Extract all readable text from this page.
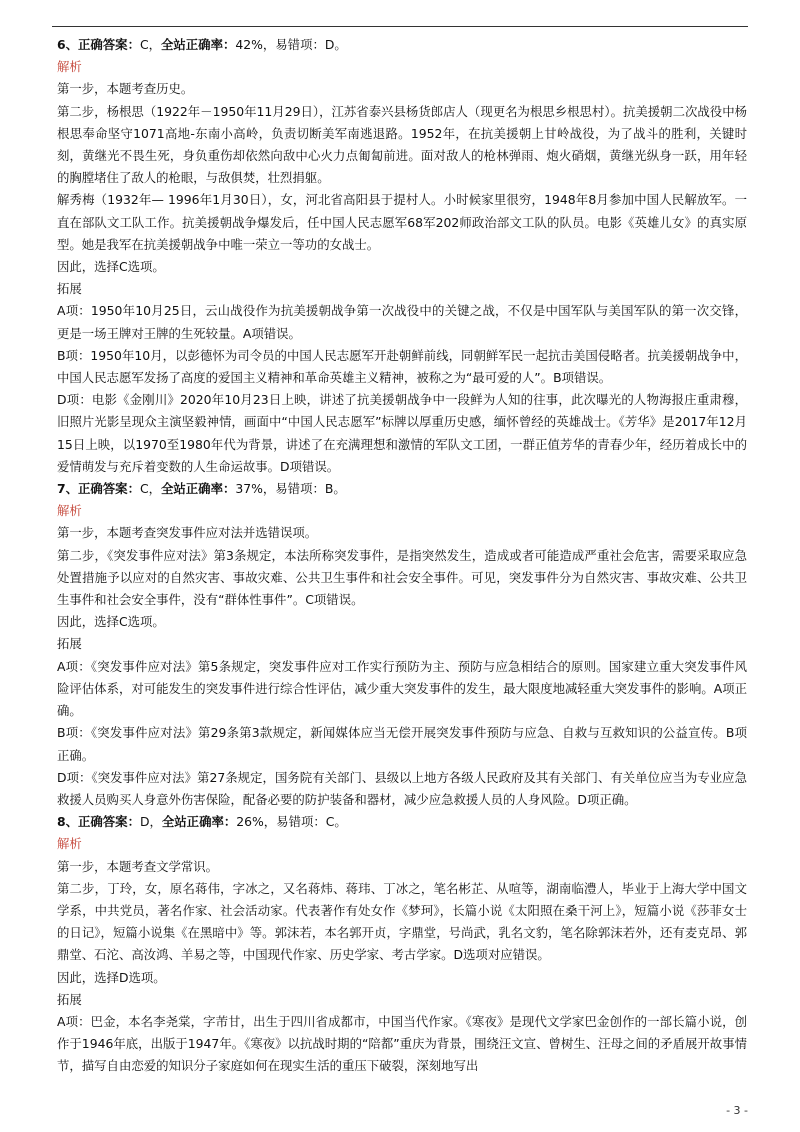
6、正确答案：C，全站正确率：42%，易错项：D。

解析

第一步，本题考查历史。

第二步，杨根思（1922年－1950年11月29日），江苏省泰兴县杨货郎店人（现更名为根思乡根思村）。抗美援朝二次战役中杨根思奉命坚守1071高地-东南小高岭，负责切断美军南逃退路。1952年，在抗美援朝上甘岭战役，为了战斗的胜利，关键时刻，黄继光不畏生死，身负重伤却依然向敌中心火力点匍匐前进。面对敌人的枪林弹雨、炮火硝烟，黄继光纵身一跃，用年轻的胸膛堵住了敌人的枪眼，与敌俱焚，壮烈捐躯。

解秀梅（1932年— 1996年1月30日），女，河北省高阳县于提村人。小时候家里很穷，1948年8月参加中国人民解放军。一直在部队文工队工作。抗美援朝战争爆发后，任中国人民志愿军68军202师政治部文工队的队员。电影《英雄儿女》的真实原型。她是我军在抗美援朝战争中唯一荣立一等功的女战士。

因此，选择C选项。

拓展

A项：1950年10月25日，云山战役作为抗美援朝战争第一次战役中的关键之战，不仅是中国军队与美国军队的第一次交锋，更是一场王牌对王牌的生死较量。A项错误。

B项：1950年10月，以彭德怀为司令员的中国人民志愿军开赴朝鲜前线，同朝鲜军民一起抗击美国侵略者。抗美援朝战争中，中国人民志愿军发扬了高度的爱国主义精神和革命英雄主义精神，被称之为“最可爱的人”。B项错误。

D项：电影《金刚川》2020年10月23日上映，讲述了抗美援朝战争中一段鲜为人知的往事，此次曝光的人物海报庄重肃穆，旧照片光影呈现众主演坚毅神情，画面中“中国人民志愿军”标牌以厚重历史感，缅怀曾经的英雄战士。《芳华》是2017年12月15日上映，以1970至1980年代为背景，讲述了在充满理想和激情的军队文工团，一群正值芳华的青春少年，经历着成长中的爱情萌发与充斥着变数的人生命运故事。D项错误。

7、正确答案：C，全站正确率：37%，易错项：B。

解析

第一步，本题考查突发事件应对法并选错误项。

第二步，《突发事件应对法》第3条规定，本法所称突发事件，是指突然发生，造成或者可能造成严重社会危害，需要采取应急处置措施予以应对的自然灾害、事故灾难、公共卫生事件和社会安全事件。可见，突发事件分为自然灾害、事故灾难、公共卫生事件和社会安全事件，没有“群体性事件”。C项错误。

因此，选择C选项。

拓展

A项：《突发事件应对法》第5条规定，突发事件应对工作实行预防为主、预防与应急相结合的原则。国家建立重大突发事件风险评估体系，对可能发生的突发事件进行综合性评估，减少重大突发事件的发生，最大限度地减轻重大突发事件的影响。A项正确。

B项：《突发事件应对法》第29条第3款规定，新闻媒体应当无偿开展突发事件预防与应急、自救与互救知识的公益宣传。B项正确。

D项：《突发事件应对法》第27条规定，国务院有关部门、县级以上地方各级人民政府及其有关部门、有关单位应当为专业应急救援人员购买人身意外伤害保险，配备必要的防护装备和器材，减少应急救援人员的人身风险。D项正确。

8、正确答案：D，全站正确率：26%，易错项：C。

解析

第一步，本题考查文学常识。

第二步，丁玲，女，原名蒋伟，字冰之，又名蒋炜、蒋玮、丁冰之，笔名彬芷、从喧等，湖南临澧人，毕业于上海大学中国文学系，中共党员，著名作家、社会活动家。代表著作有处女作《梦珂》，长篇小说《太阳照在桑干河上》，短篇小说《莎菲女士的日记》，短篇小说集《在黑暗中》等。郭沫若，本名郭开贞，字鼎堂，号尚武，乳名文豹，笔名除郭沫若外，还有麦克昂、郭鼎堂、石沱、高汝鸿、羊易之等，中国现代作家、历史学家、考古学家。D选项对应错误。

因此，选择D选项。

拓展

A项：巴金，本名李尧棠，字芾甘，出生于四川省成都市，中国当代作家。《寒夜》是现代文学家巴金创作的一部长篇小说，创作于1946年底，出版于1947年。《寒夜》以抗战时期的“陪都”重庆为背景，围绕汪文宣、曾树生、汪母之间的矛盾展开故事情节，描写自由恋爱的知识分子家庭如何在现实生活的重压下破裂，深刻地写出

- 3 -
